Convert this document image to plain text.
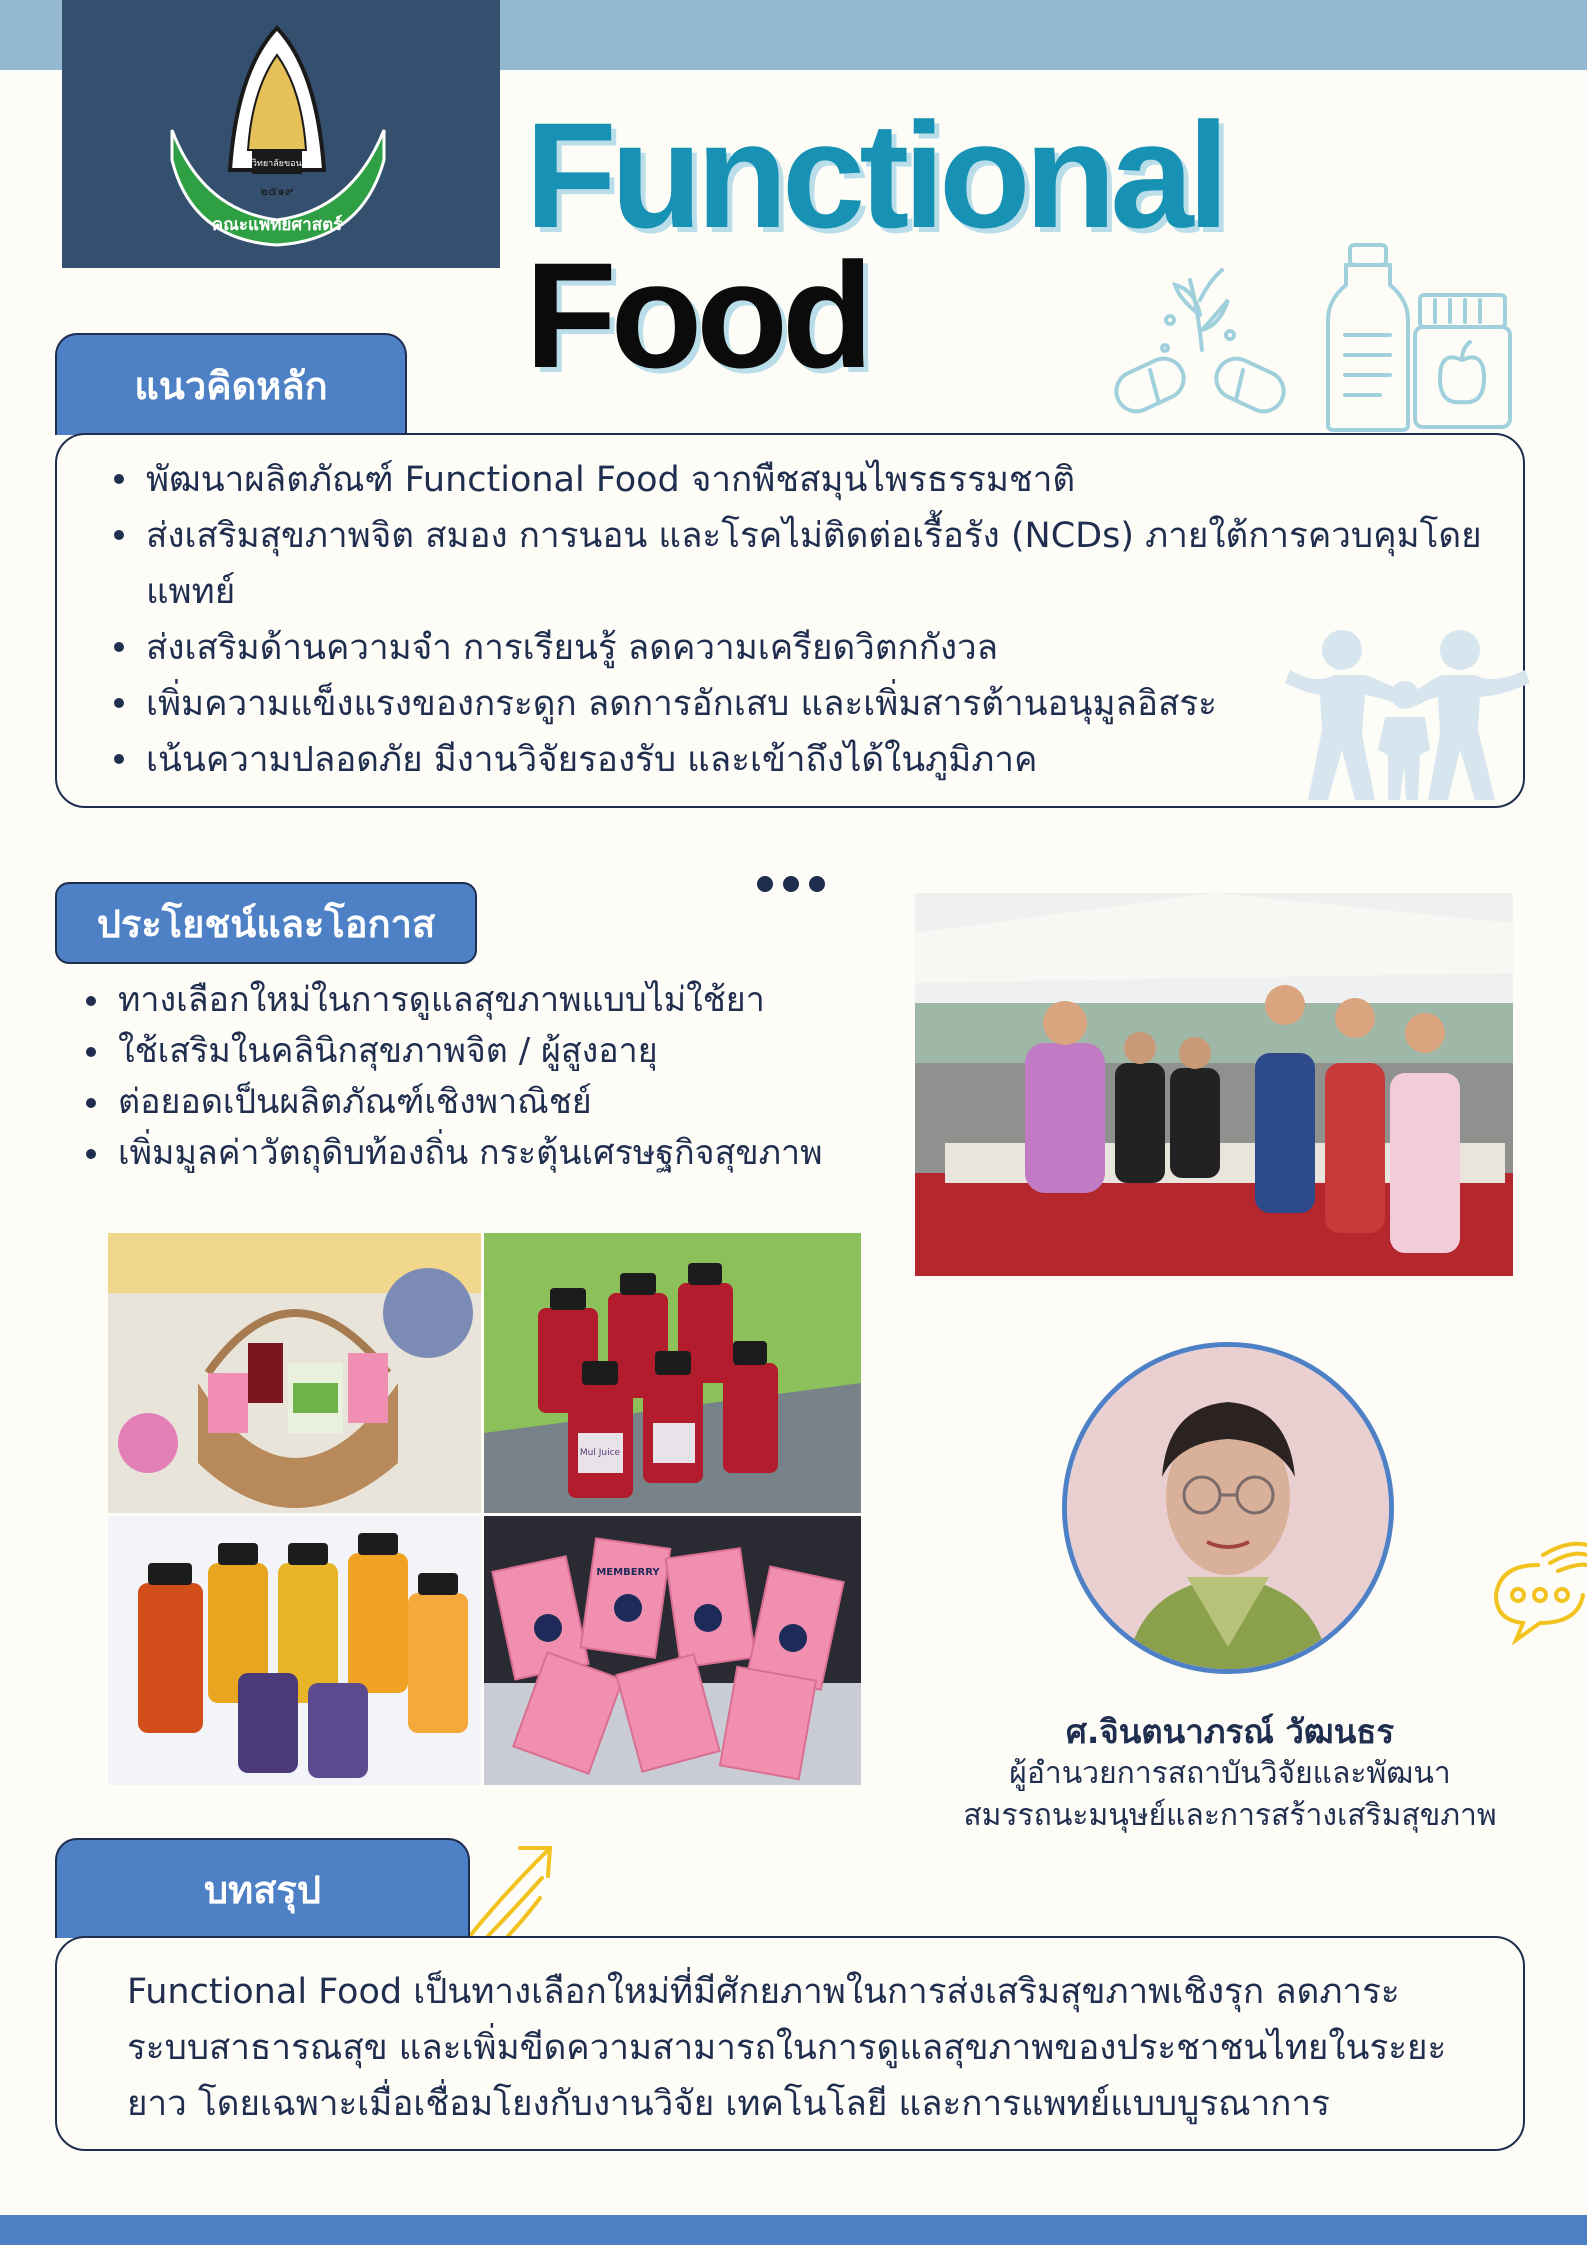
มหาวิทยาลัยขอนแก่น
๒๕๑๙
คณะแพทยศาสตร์ Functional
Food
แนวคิดหลัก
พัฒนาผลิตภัณฑ์ Functional Food จากพืชสมุนไพรธรรมชาติ
ส่งเสริมสุขภาพจิต สมอง การนอน และโรคไม่ติดต่อเรื้อรัง (NCDs) ภายใต้การควบคุมโดยแพทย์
ส่งเสริมด้านความจำ การเรียนรู้ ลดความเครียดวิตกกังวล
เพิ่มความแข็งแรงของกระดูก ลดการอักเสบ และเพิ่มสารต้านอนุมูลอิสระ
เน้นความปลอดภัย มีงานวิจัยรองรับ และเข้าถึงได้ในภูมิภาค
ประโยชน์และโอกาส
ทางเลือกใหม่ในการดูแลสุขภาพแบบไม่ใช้ยา
ใช้เสริมในคลินิกสุขภาพจิต / ผู้สูงอายุ
ต่อยอดเป็นผลิตภัณฑ์เชิงพาณิชย์
เพิ่มมูลค่าวัตถุดิบท้องถิ่น กระตุ้นเศรษฐกิจสุขภาพ
Mul Juice
MEMBERRY
ศ.จินตนาภรณ์ วัฒนธร
ผู้อำนวยการสถาบันวิจัยและพัฒนา
สมรรถนะมนุษย์และการสร้างเสริมสุขภาพ
บทสรุป

Functional Food เป็นทางเลือกใหม่ที่มีศักยภาพในการส่งเสริมสุขภาพเชิงรุก ลดภาระระบบสาธารณสุข และเพิ่มขีดความสามารถในการดูแลสุขภาพของประชาชนไทยในระยะยาว โดยเฉพาะเมื่อเชื่อมโยงกับงานวิจัย เทคโนโลยี และการแพทย์แบบบูรณาการ
